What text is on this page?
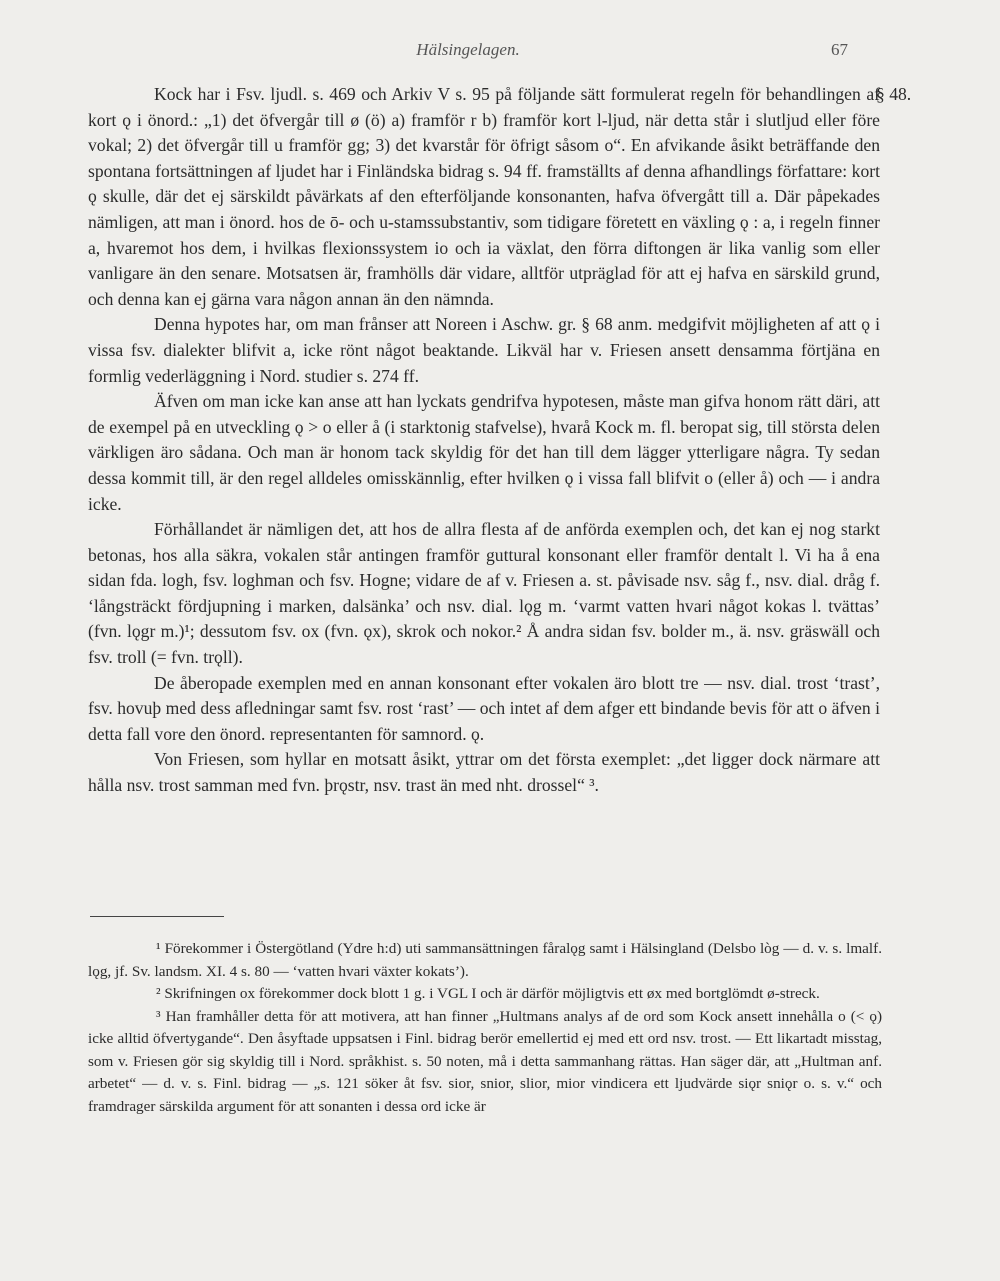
Hälsingelagen.	67
§ 48.

Kock har i Fsv. ljudl. s. 469 och Arkiv V s. 95 på följande sätt formulerat regeln för behandlingen af kort ǫ i önord.: „1) det öfvergår till ø (ö) a) framför r b) framför kort l-ljud, när detta står i slutljud eller före vokal; 2) det öfvergår till u framför gg; 3) det kvarstår för öfrigt såsom o“. En afvikande åsikt beträffande den spontana fortsättningen af ljudet har i Finländska bidrag s. 94 ff. framställts af denna afhandlings författare: kort ǫ skulle, där det ej särskildt påvärkats af den efterföljande konsonanten, hafva öfvergått till a. Där påpekades nämligen, att man i önord. hos de ō- och u-stamssubstantiv, som tidigare företett en växling ǫ : a, i regeln finner a, hvaremot hos dem, i hvilkas flexionssystem io och ia växlat, den förra diftongen är lika vanlig som eller vanligare än den senare. Motsatsen är, framhölls där vidare, alltför utpräglad för att ej hafva en särskild grund, och denna kan ej gärna vara någon annan än den nämnda.

Denna hypotes har, om man frånser att Noreen i Aschw. gr. § 68 anm. medgifvit möjligheten af att ǫ i vissa fsv. dialekter blifvit a, icke rönt något beaktande. Likväl har v. Friesen ansett densamma förtjäna en formlig vederläggning i Nord. studier s. 274 ff.

Äfven om man icke kan anse att han lyckats gendrifva hypotesen, måste man gifva honom rätt däri, att de exempel på en utveckling ǫ > o eller å (i starktonig stafvelse), hvarå Kock m. fl. beropat sig, till största delen värkligen äro sådana. Och man är honom tack skyldig för det han till dem lägger ytterligare några. Ty sedan dessa kommit till, är den regel alldeles omisskännlig, efter hvilken ǫ i vissa fall blifvit o (eller å) och — i andra icke.

Förhållandet är nämligen det, att hos de allra flesta af de anförda exemplen och, det kan ej nog starkt betonas, hos alla säkra, vokalen står antingen framför guttural konsonant eller framför dentalt l. Vi ha å ena sidan fda. logh, fsv. loghman och fsv. Hogne; vidare de af v. Friesen a. st. påvisade nsv. såg f., nsv. dial. dråg f. ‘långsträckt fördjupning i marken, dalsänka’ och nsv. dial. lǫg m. ‘varmt vatten hvari något kokas l. tvättas’ (fvn. lǫgr m.)¹; dessutom fsv. ox (fvn. ǫx), skrok och nokor.² Å andra sidan fsv. bolder m., ä. nsv. gräswäll och fsv. troll (= fvn. trǫll).

De åberopade exemplen med en annan konsonant efter vokalen äro blott tre — nsv. dial. trost ‘trast’, fsv. hovuþ med dess afledningar samt fsv. rost ‘rast’ — och intet af dem afger ett bindande bevis för att o äfven i detta fall vore den önord. representanten för samnord. ǫ.

Von Friesen, som hyllar en motsatt åsikt, yttrar om det första exemplet: „det ligger dock närmare att hålla nsv. trost samman med fvn. þrǫstr, nsv. trast än med nht. drossel“ ³.

¹ Förekommer i Östergötland (Ydre h:d) uti sammansättningen fåralǫg samt i Hälsingland (Delsbo lòg — d. v. s. lmalf. lǫg, jf. Sv. landsm. XI. 4 s. 80 — ‘vatten hvari växter kokats’).

² Skrifningen ox förekommer dock blott 1 g. i VGL I och är därför möjligtvis ett øx med bortglömdt ø-streck.

³ Han framhåller detta för att motivera, att han finner „Hultmans analys af de ord som Kock ansett innehålla o (< ǫ) icke alltid öfvertygande“. Den åsyftade uppsatsen i Finl. bidrag berör emellertid ej med ett ord nsv. trost. — Ett likartadt misstag, som v. Friesen gör sig skyldig till i Nord. språkhist. s. 50 noten, må i detta sammanhang rättas. Han säger där, att „Hultman anf. arbetet“ — d. v. s. Finl. bidrag — „s. 121 söker åt fsv. sior, snior, slior, mior vindicera ett ljudvärde siǫr sniǫr o. s. v.“ och framdrager särskilda argument för att sonanten i dessa ord icke är
